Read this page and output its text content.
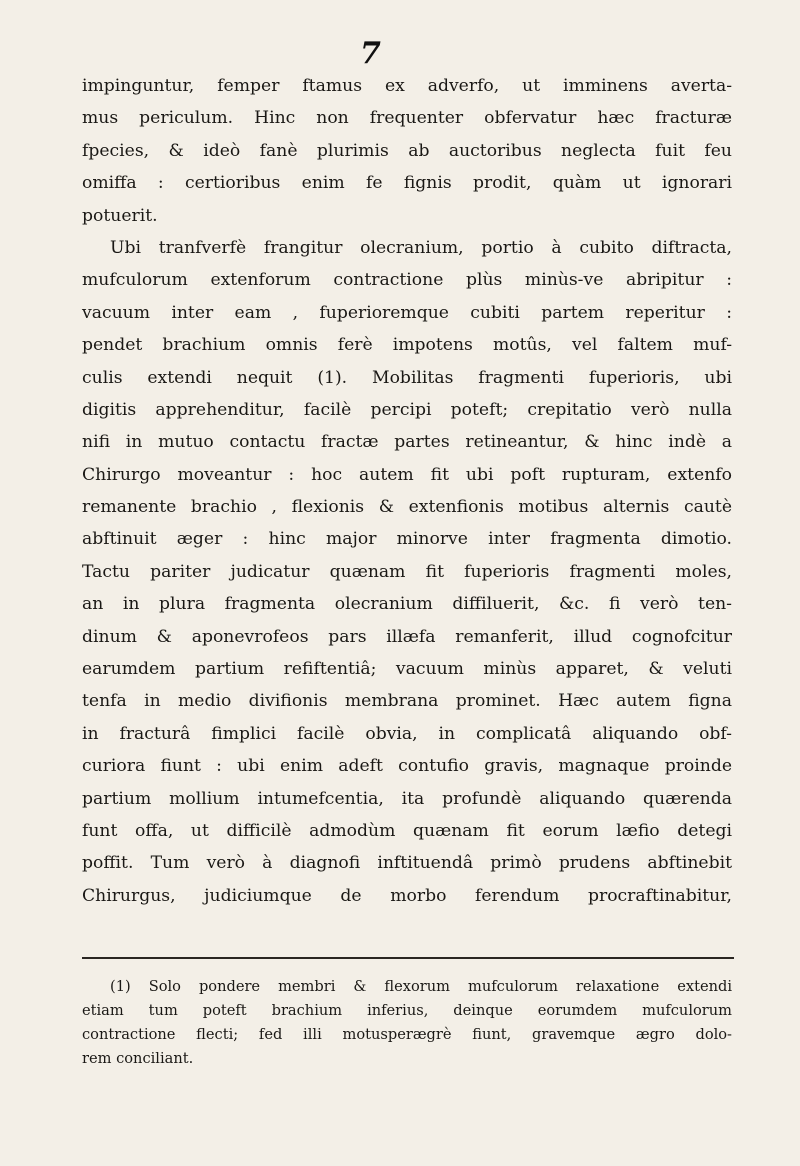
7
impinguntur, femper ftamus ex adverfo, ut imminens averta-
mus periculum. Hinc non frequenter obfervatur hæc fracturæ
fpecies, & ideò fanè plurimis ab auctoribus neglecta fuit feu
omiffa : certioribus enim fe fignis prodit, quàm ut ignorari
potuerit.
Ubi tranfverfè frangitur olecranium, portio à cubito diftracta,
mufculorum extenforum contractione plùs minùs-ve abripitur :
vacuum inter eam , fuperioremque cubiti partem reperitur :
pendet brachium omnis ferè impotens motûs, vel faltem muf-
culis extendi nequit (1). Mobilitas fragmenti fuperioris, ubi
digitis apprehenditur, facilè percipi poteft; crepitatio verò nulla
nifi in mutuo contactu fractæ partes retineantur, & hinc indè a
Chirurgo moveantur : hoc autem fit ubi poft rupturam, extenfo
remanente brachio , flexionis & extenfionis motibus alternis cautè
abftinuit æger : hinc major minorve inter fragmenta dimotio.
Tactu pariter judicatur quænam fit fuperioris fragmenti moles,
an in plura fragmenta olecranium diffiluerit, &c. fi verò ten-
dinum & aponevrofeos pars illæfa remanferit, illud cognofcitur
earumdem partium refiftentiâ; vacuum minùs apparet, & veluti
tenfa in medio divifionis membrana prominet. Hæc autem figna
in fracturâ fimplici facilè obvia, in complicatâ aliquando obf-
curiora fiunt : ubi enim adeft contufio gravis, magnaque proinde
partium mollium intumefcentia, ita profundè aliquando quærenda
funt offa, ut difficilè admodùm quænam fit eorum læfio detegi
poffit. Tum verò à diagnofi inftituendâ primò prudens abftinebit
Chirurgus, judiciumque de morbo ferendum procraftinabitur,
(1) Solo pondere membri & flexorum mufculorum relaxatione extendi
etiam tum poteft brachium inferius, deinque eorumdem mufculorum
contractione flecti; fed illi motusperægrè fiunt, gravemque ægro dolo-
rem conciliant.
